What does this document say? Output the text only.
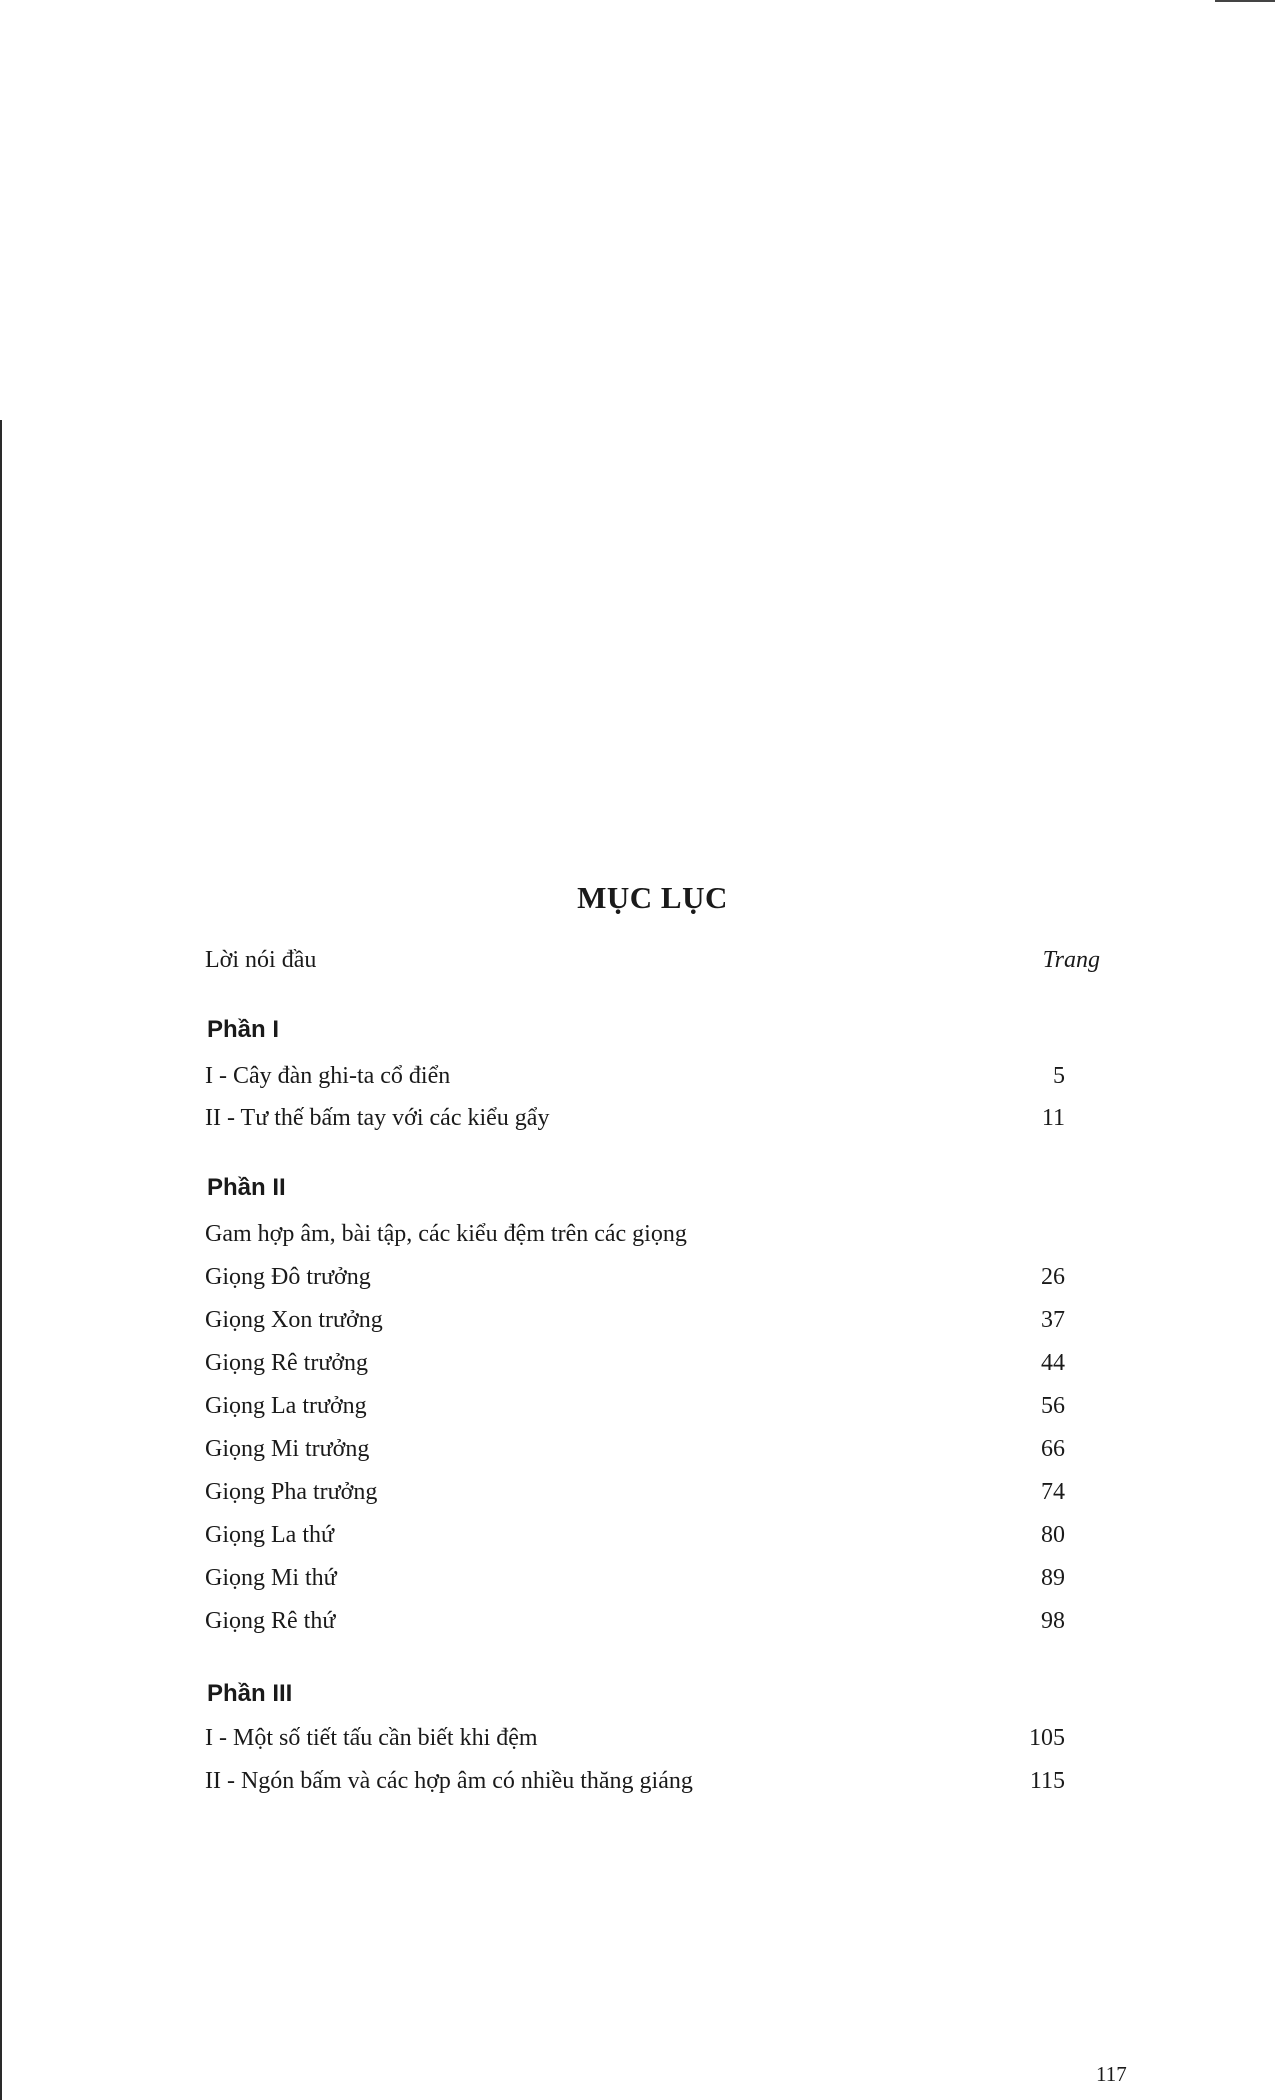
MỤC LỤC
Lời nói đầu	Trang
Phần I
I - Cây đàn ghi-ta cổ điển	5
II - Tư thế bấm tay với các kiểu gẩy	11
Phần II
Gam hợp âm, bài tập, các kiểu đệm trên các giọng
Giọng Đô trưởng	26
Giọng Xon trưởng	37
Giọng Rê trưởng	44
Giọng La trưởng	56
Giọng Mi trưởng	66
Giọng Pha trưởng	74
Giọng La thứ	80
Giọng Mi thứ	89
Giọng Rê thứ	98
Phần III
I - Một số tiết tấu cần biết khi đệm	105
II - Ngón bấm và các hợp âm có nhiều thăng giáng	115
117
